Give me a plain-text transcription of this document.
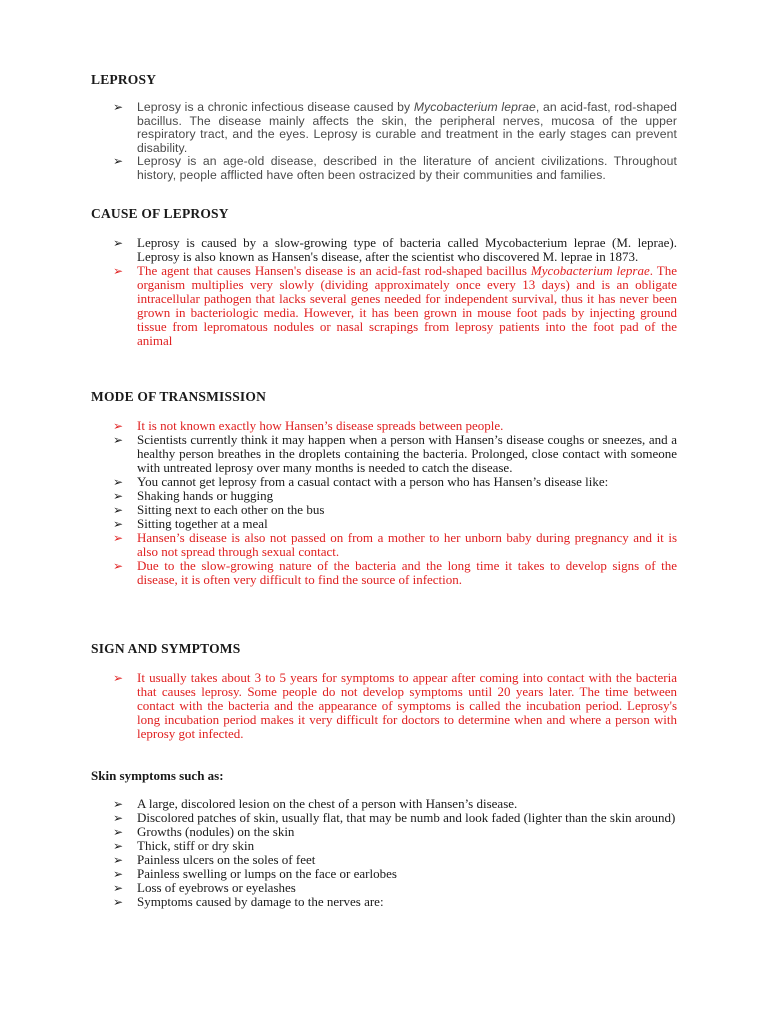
LEPROSY
➢	Leprosy is a chronic infectious disease caused by Mycobacterium leprae, an acid-fast, rod-shaped bacillus. The disease mainly affects the skin, the peripheral nerves, mucosa of the upper respiratory tract, and the eyes. Leprosy is curable and treatment in the early stages can prevent disability.
➢	Leprosy is an age-old disease, described in the literature of ancient civilizations. Throughout history, people afflicted have often been ostracized by their communities and families.
CAUSE OF LEPROSY
➢	Leprosy is caused by a slow-growing type of bacteria called Mycobacterium leprae (M. leprae). Leprosy is also known as Hansen's disease, after the scientist who discovered M. leprae in 1873.
➢	The agent that causes Hansen's disease is an acid-fast rod-shaped bacillus Mycobacterium leprae. The organism multiplies very slowly (dividing approximately once every 13 days) and is an obligate intracellular pathogen that lacks several genes needed for independent survival, thus it has never been grown in bacteriologic media. However, it has been grown in mouse foot pads by injecting ground tissue from lepromatous nodules or nasal scrapings from leprosy patients into the foot pad of the animal
MODE OF TRANSMISSION
➢	It is not known exactly how Hansen’s disease spreads between people.
➢	Scientists currently think it may happen when a person with Hansen’s disease coughs or sneezes, and a healthy person breathes in the droplets containing the bacteria. Prolonged, close contact with someone with untreated leprosy over many months is needed to catch the disease.
➢	You cannot get leprosy from a casual contact with a person who has Hansen’s disease like:
➢	Shaking hands or hugging
➢	Sitting next to each other on the bus
➢	Sitting together at a meal
➢	Hansen’s disease is also not passed on from a mother to her unborn baby during pregnancy and it is also not spread through sexual contact.
➢	Due to the slow-growing nature of the bacteria and the long time it takes to develop signs of the disease, it is often very difficult to find the source of infection.
SIGN AND SYMPTOMS
➢	It usually takes about 3 to 5 years for symptoms to appear after coming into contact with the bacteria that causes leprosy. Some people do not develop symptoms until 20 years later. The time between contact with the bacteria and the appearance of symptoms is called the incubation period. Leprosy's long incubation period makes it very difficult for doctors to determine when and where a person with leprosy got infected.
Skin symptoms such as:
➢	A large, discolored lesion on the chest of a person with Hansen’s disease.
➢	Discolored patches of skin, usually flat, that may be numb and look faded (lighter than the skin around)
➢	Growths (nodules) on the skin
➢	Thick, stiff or dry skin
➢	Painless ulcers on the soles of feet
➢	Painless swelling or lumps on the face or earlobes
➢	Loss of eyebrows or eyelashes
➢	Symptoms caused by damage to the nerves are:
